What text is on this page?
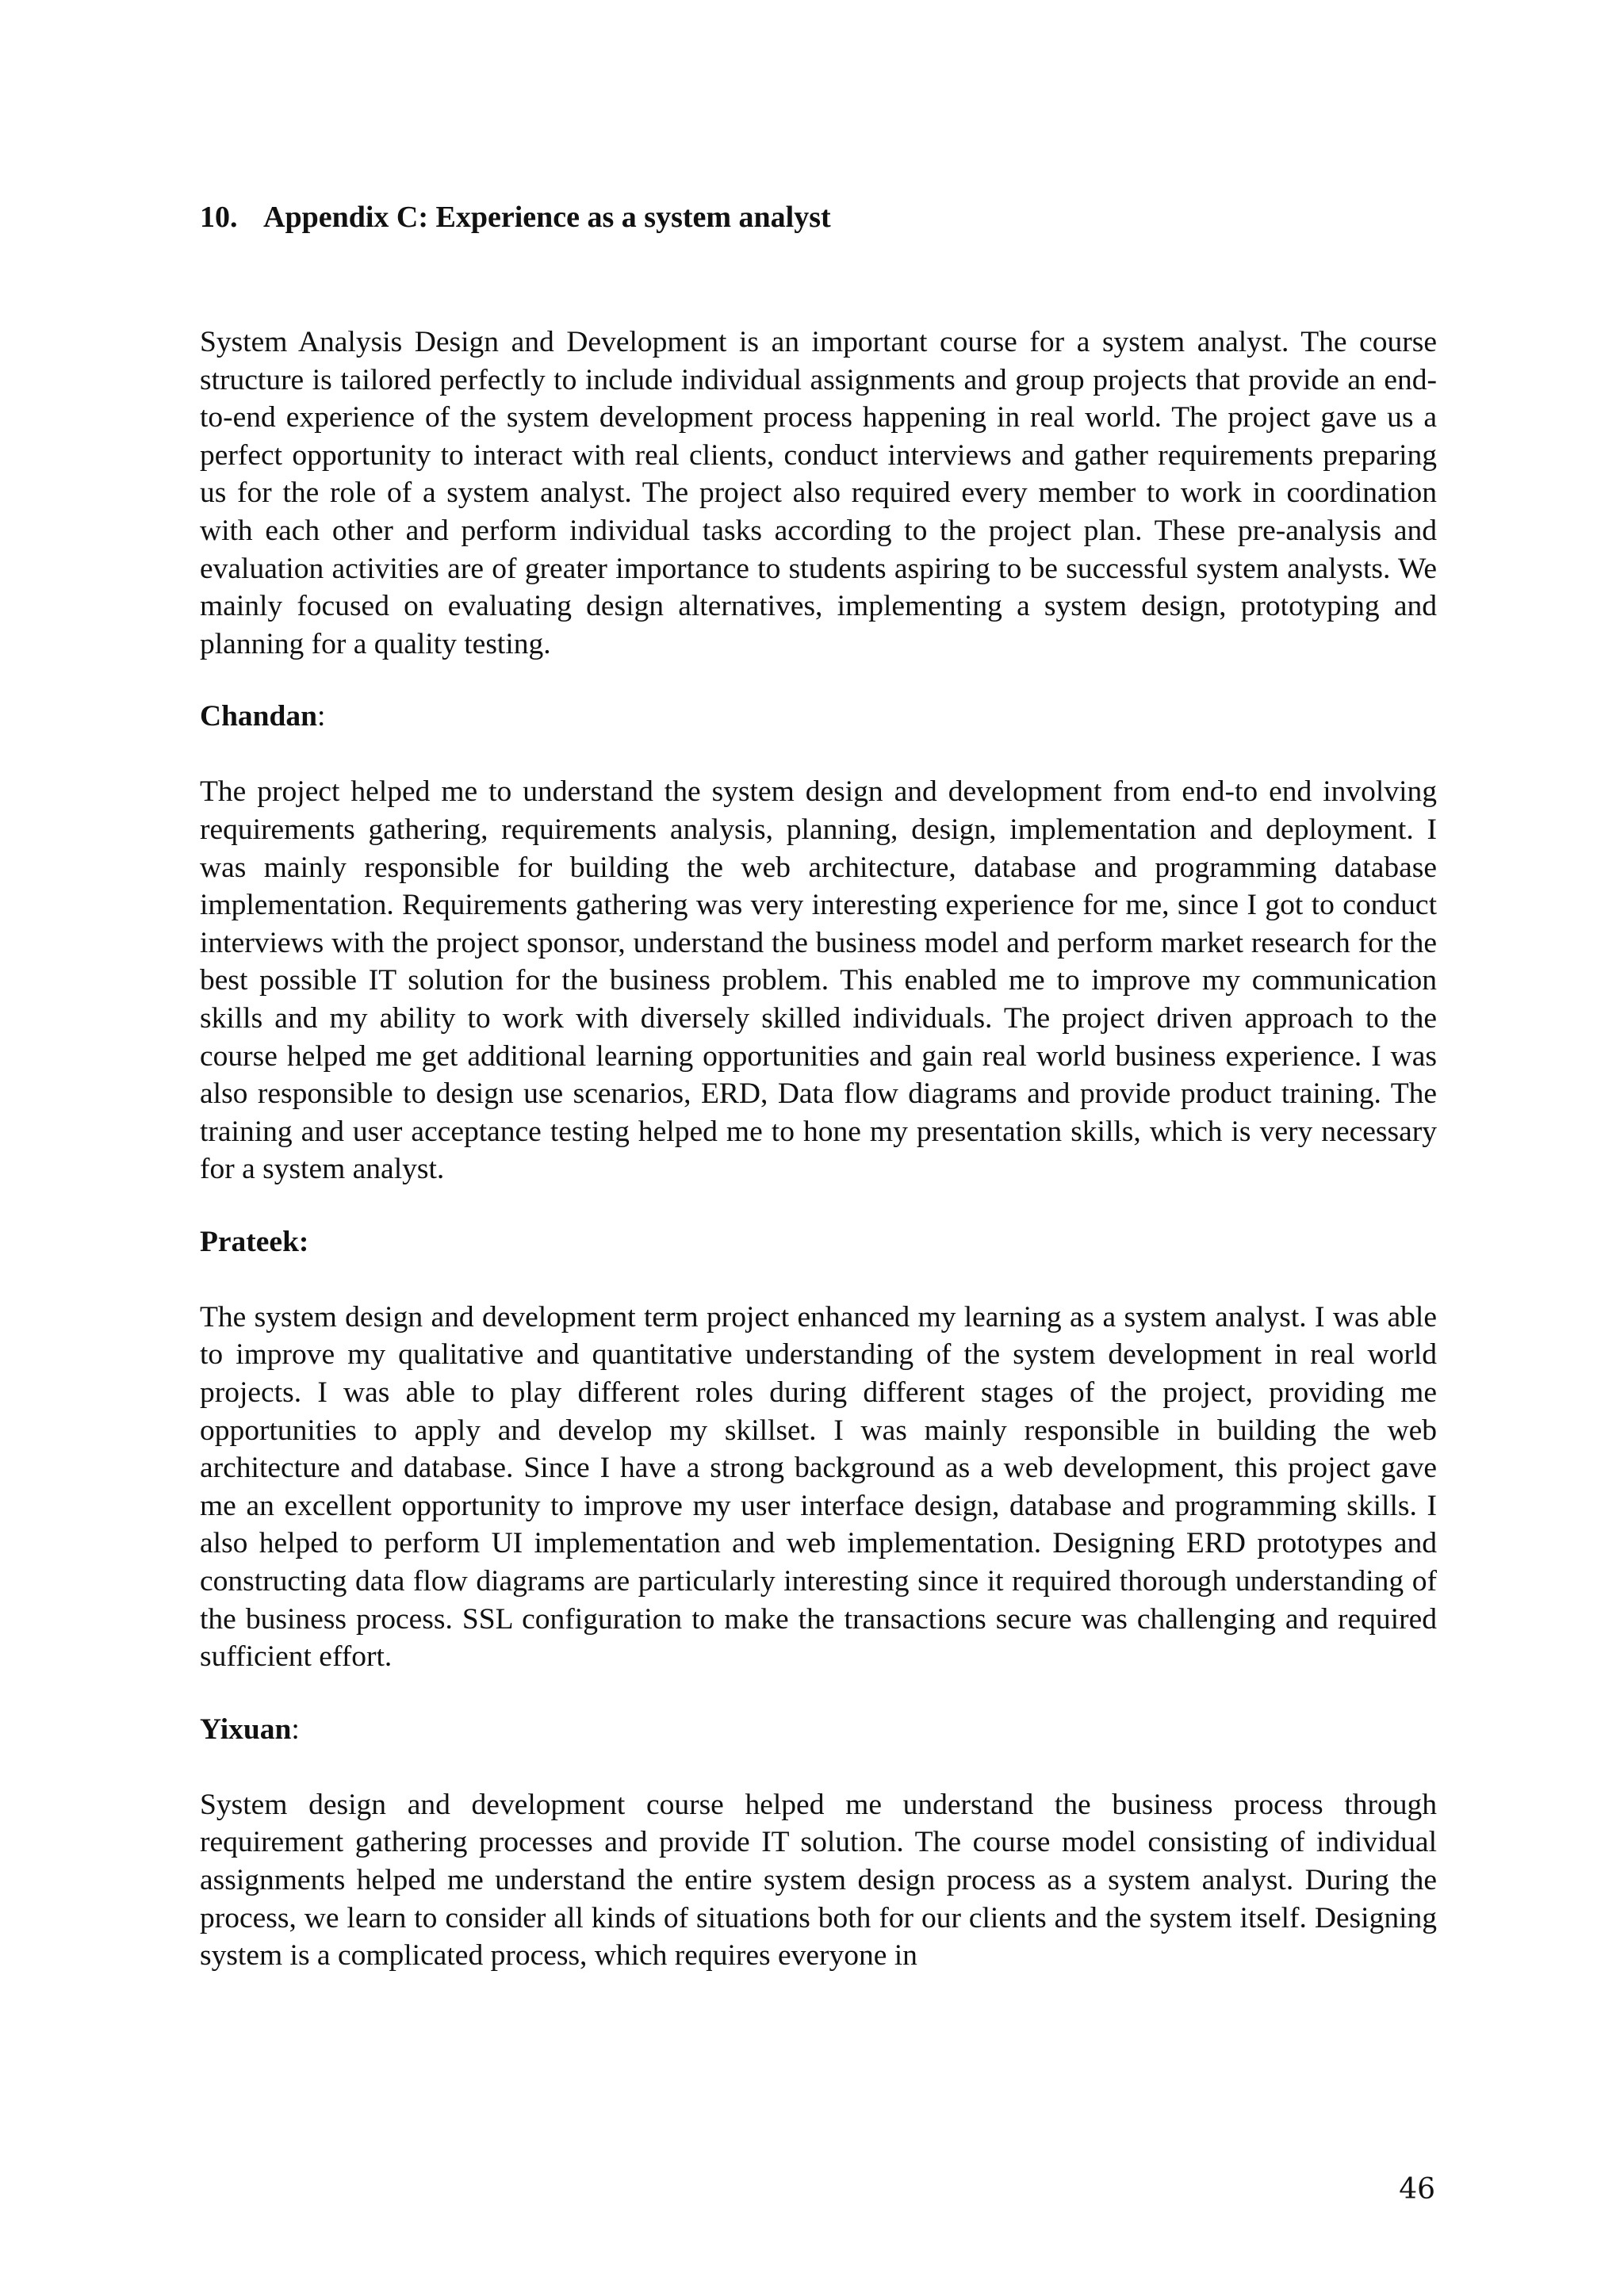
10. Appendix C: Experience as a system analyst

System Analysis Design and Development is an important course for a system analyst. The course structure is tailored perfectly to include individual assignments and group projects that provide an end-to-end experience of the system development process happening in real world. The project gave us a perfect opportunity to interact with real clients, conduct interviews and gather requirements preparing us for the role of a system analyst. The project also required every member to work in coordination with each other and perform individual tasks according to the project plan. These pre-analysis and evaluation activities are of greater importance to students aspiring to be successful system analysts. We mainly focused on evaluating design alternatives, implementing a system design, prototyping and planning for a quality testing.

Chandan:

The project helped me to understand the system design and development from end-to end involving requirements gathering, requirements analysis, planning, design, implementation and deployment. I was mainly responsible for building the web architecture, database and programming database implementation. Requirements gathering was very interesting experience for me, since I got to conduct interviews with the project sponsor, understand the business model and perform market research for the best possible IT solution for the business problem. This enabled me to improve my communication skills and my ability to work with diversely skilled individuals. The project driven approach to the course helped me get additional learning opportunities and gain real world business experience. I was also responsible to design use scenarios, ERD, Data flow diagrams and provide product training. The training and user acceptance testing helped me to hone my presentation skills, which is very necessary for a system analyst.

Prateek:

The system design and development term project enhanced my learning as a system analyst. I was able to improve my qualitative and quantitative understanding of the system development in real world projects. I was able to play different roles during different stages of the project, providing me opportunities to apply and develop my skillset. I was mainly responsible in building the web architecture and database. Since I have a strong background as a web development, this project gave me an excellent opportunity to improve my user interface design, database and programming skills. I also helped to perform UI implementation and web implementation. Designing ERD prototypes and constructing data flow diagrams are particularly interesting since it required thorough understanding of the business process. SSL configuration to make the transactions secure was challenging and required sufficient effort.

Yixuan:

System design and development course helped me understand the business process through requirement gathering processes and provide IT solution. The course model consisting of individual assignments helped me understand the entire system design process as a system analyst. During the process, we learn to consider all kinds of situations both for our clients and the system itself. Designing system is a complicated process, which requires everyone in

46
